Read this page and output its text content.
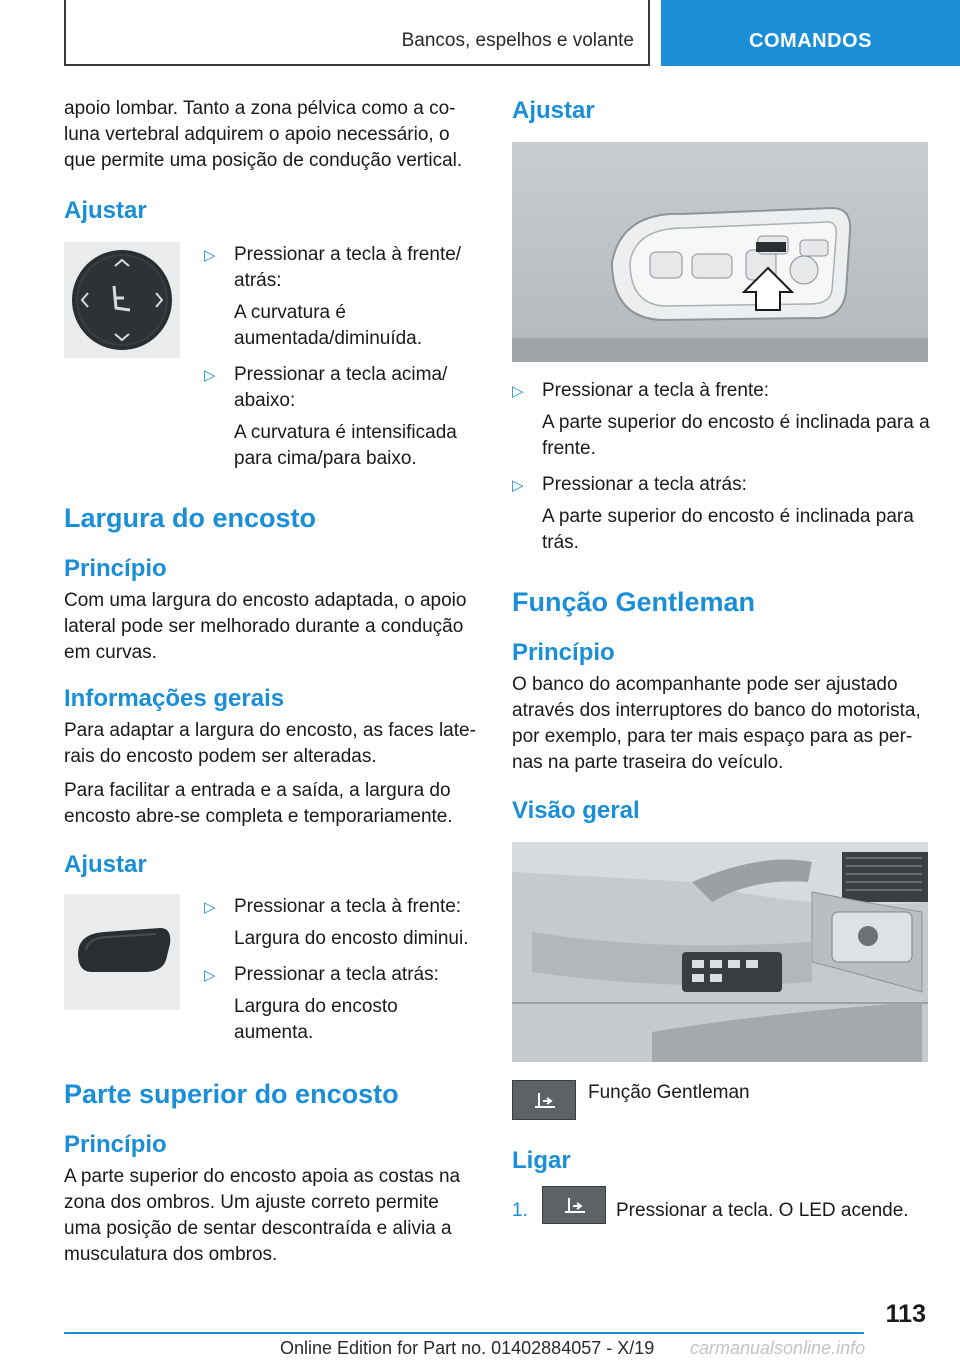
Bancos, espelhos e volante	COMANDOS

apoio lombar. Tanto a zona pélvica como a coluna vertebral adquirem o apoio necessário, o que permite uma posição de condução vertical.

Ajustar
▷ Pressionar a tecla à frente/ atrás:
A curvatura é aumentada/diminuída.
▷ Pressionar a tecla acima/ abaixo:
A curvatura é intensificada para cima/para baixo.
Largura do encosto
Princípio

Com uma largura do encosto adaptada, o apoio lateral pode ser melhorado durante a condução em curvas.

Informações gerais

Para adaptar a largura do encosto, as faces laterais do encosto podem ser alteradas.

Para facilitar a entrada e a saída, a largura do encosto abre-se completa e temporariamente.

Ajustar
▷ Pressionar a tecla à frente:
Largura do encosto diminui.
▷ Pressionar a tecla atrás:
Largura do encosto aumenta.
Parte superior do encosto
Princípio

A parte superior do encosto apoia as costas na zona dos ombros. Um ajuste correto permite uma posição de sentar descontraída e alivia a musculatura dos ombros.

Ajustar
▷ Pressionar a tecla à frente:
A parte superior do encosto é inclinada para a frente.
▷ Pressionar a tecla atrás:
A parte superior do encosto é inclinada para trás.
Função Gentleman
Princípio

O banco do acompanhante pode ser ajustado através dos interruptores do banco do motorista, por exemplo, para ter mais espaço para as pernas na parte traseira do veículo.

Visão geral
Função Gentleman
Ligar
1.	Pressionar a tecla. O LED acende.
113
Online Edition for Part no. 01402884057 - X/19 carmanualsonline.info
